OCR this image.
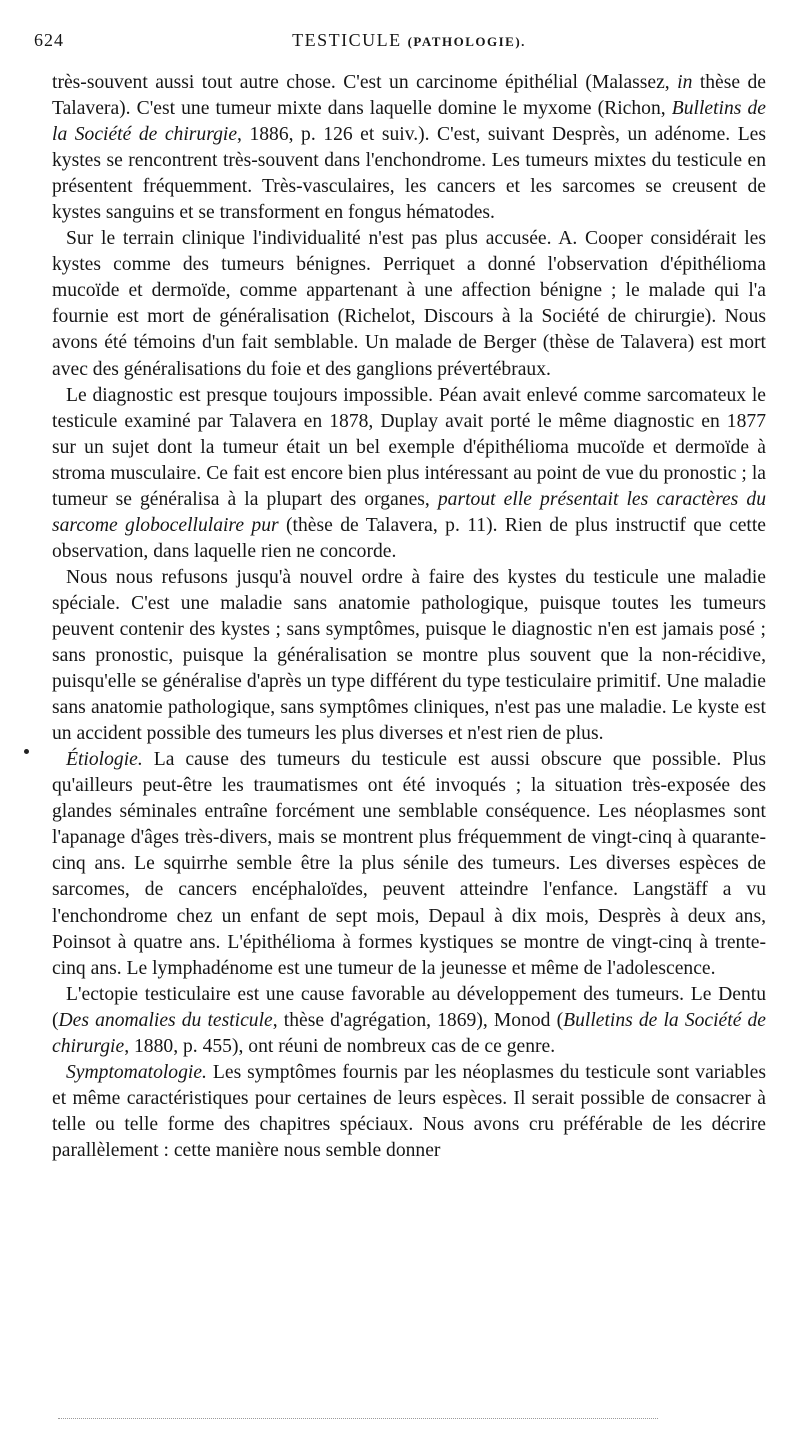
624	TESTICULE (PATHOLOGIE).

très-souvent aussi tout autre chose. C'est un carcinome épithélial (Malassez, in thèse de Talavera). C'est une tumeur mixte dans laquelle domine le myxome (Richon, Bulletins de la Société de chirurgie, 1886, p. 126 et suiv.). C'est, suivant Desprès, un adénome. Les kystes se rencontrent très-souvent dans l'enchondrome. Les tumeurs mixtes du testicule en présentent fréquemment. Très-vasculaires, les cancers et les sarcomes se creusent de kystes sanguins et se transforment en fongus hématodes.

Sur le terrain clinique l'individualité n'est pas plus accusée. A. Cooper considérait les kystes comme des tumeurs bénignes. Perriquet a donné l'observation d'épithélioma mucoïde et dermoïde, comme appartenant à une affection bénigne ; le malade qui l'a fournie est mort de généralisation (Richelot, Discours à la Société de chirurgie). Nous avons été témoins d'un fait semblable. Un malade de Berger (thèse de Talavera) est mort avec des généralisations du foie et des ganglions prévertébraux.

Le diagnostic est presque toujours impossible. Péan avait enlevé comme sarcomateux le testicule examiné par Talavera en 1878, Duplay avait porté le même diagnostic en 1877 sur un sujet dont la tumeur était un bel exemple d'épithélioma mucoïde et dermoïde à stroma musculaire. Ce fait est encore bien plus intéressant au point de vue du pronostic ; la tumeur se généralisa à la plupart des organes, partout elle présentait les caractères du sarcome globocellulaire pur (thèse de Talavera, p. 11). Rien de plus instructif que cette observation, dans laquelle rien ne concorde.

Nous nous refusons jusqu'à nouvel ordre à faire des kystes du testicule une maladie spéciale. C'est une maladie sans anatomie pathologique, puisque toutes les tumeurs peuvent contenir des kystes ; sans symptômes, puisque le diagnostic n'en est jamais posé ; sans pronostic, puisque la généralisation se montre plus souvent que la non-récidive, puisqu'elle se généralise d'après un type différent du type testiculaire primitif. Une maladie sans anatomie pathologique, sans symptômes cliniques, n'est pas une maladie. Le kyste est un accident possible des tumeurs les plus diverses et n'est rien de plus.

Étiologie. La cause des tumeurs du testicule est aussi obscure que possible. Plus qu'ailleurs peut-être les traumatismes ont été invoqués ; la situation très-exposée des glandes séminales entraîne forcément une semblable conséquence. Les néoplasmes sont l'apanage d'âges très-divers, mais se montrent plus fréquemment de vingt-cinq à quarante-cinq ans. Le squirrhe semble être la plus sénile des tumeurs. Les diverses espèces de sarcomes, de cancers encéphaloïdes, peuvent atteindre l'enfance. Langstäff a vu l'enchondrome chez un enfant de sept mois, Depaul à dix mois, Desprès à deux ans, Poinsot à quatre ans. L'épithélioma à formes kystiques se montre de vingt-cinq à trente-cinq ans. Le lymphadénome est une tumeur de la jeunesse et même de l'adolescence.

L'ectopie testiculaire est une cause favorable au développement des tumeurs. Le Dentu (Des anomalies du testicule, thèse d'agrégation, 1869), Monod (Bulletins de la Société de chirurgie, 1880, p. 455), ont réuni de nombreux cas de ce genre.

Symptomatologie. Les symptômes fournis par les néoplasmes du testicule sont variables et même caractéristiques pour certaines de leurs espèces. Il serait possible de consacrer à telle ou telle forme des chapitres spéciaux. Nous avons cru préférable de les décrire parallèlement : cette manière nous semble donner
